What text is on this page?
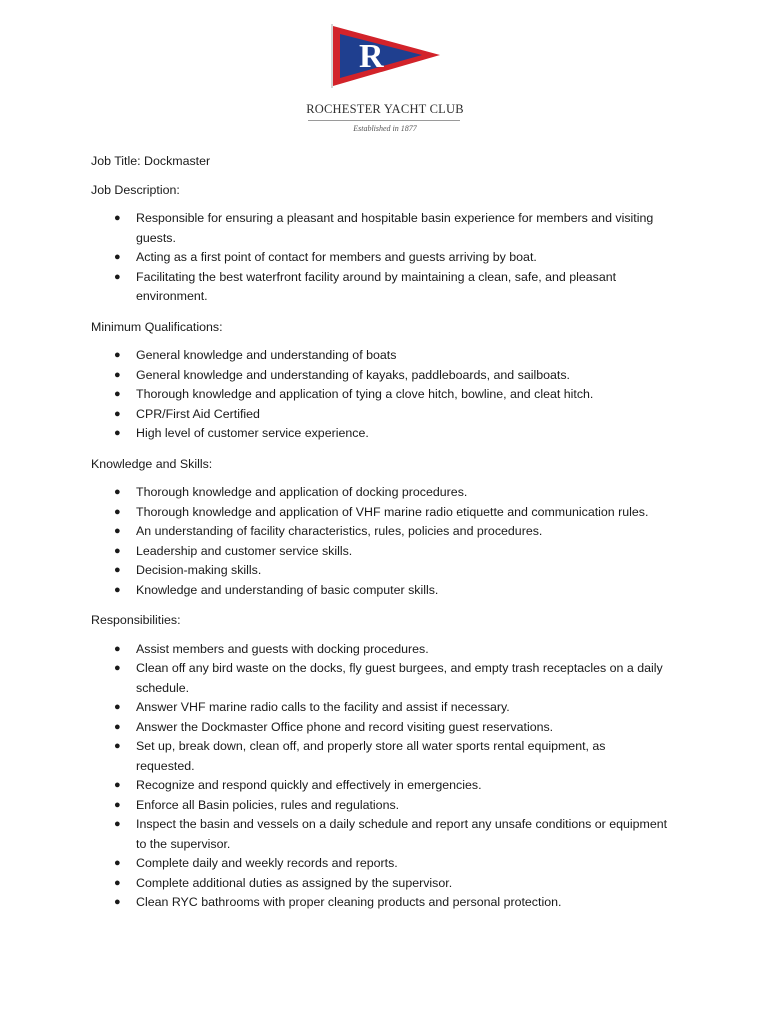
R
ROCHESTER YACHT CLUB
Established in 1877

Job Title: Dockmaster

Job Description:

● Responsible for ensuring a pleasant and hospitable basin experience for members and visiting
guests.
● Acting as a first point of contact for members and guests arriving by boat.
● Facilitating the best waterfront facility around by maintaining a clean, safe, and pleasant
environment.

Minimum Qualifications:

● General knowledge and understanding of boats
● General knowledge and understanding of kayaks, paddleboards, and sailboats.
● Thorough knowledge and application of tying a clove hitch, bowline, and cleat hitch.
● CPR/First Aid Certified
● High level of customer service experience.

Knowledge and Skills:

● Thorough knowledge and application of docking procedures.
● Thorough knowledge and application of VHF marine radio etiquette and communication rules.
● An understanding of facility characteristics, rules, policies and procedures.
● Leadership and customer service skills.
● Decision-making skills.
● Knowledge and understanding of basic computer skills.

Responsibilities:

● Assist members and guests with docking procedures.
● Clean off any bird waste on the docks, fly guest burgees, and empty trash receptacles on a daily
schedule.
● Answer VHF marine radio calls to the facility and assist if necessary.
● Answer the Dockmaster Office phone and record visiting guest reservations.
● Set up, break down, clean off, and properly store all water sports rental equipment, as
requested.
● Recognize and respond quickly and effectively in emergencies.
● Enforce all Basin policies, rules and regulations.
● Inspect the basin and vessels on a daily schedule and report any unsafe conditions or equipment
to the supervisor.
● Complete daily and weekly records and reports.
● Complete additional duties as assigned by the supervisor.
● Clean RYC bathrooms with proper cleaning products and personal protection.
